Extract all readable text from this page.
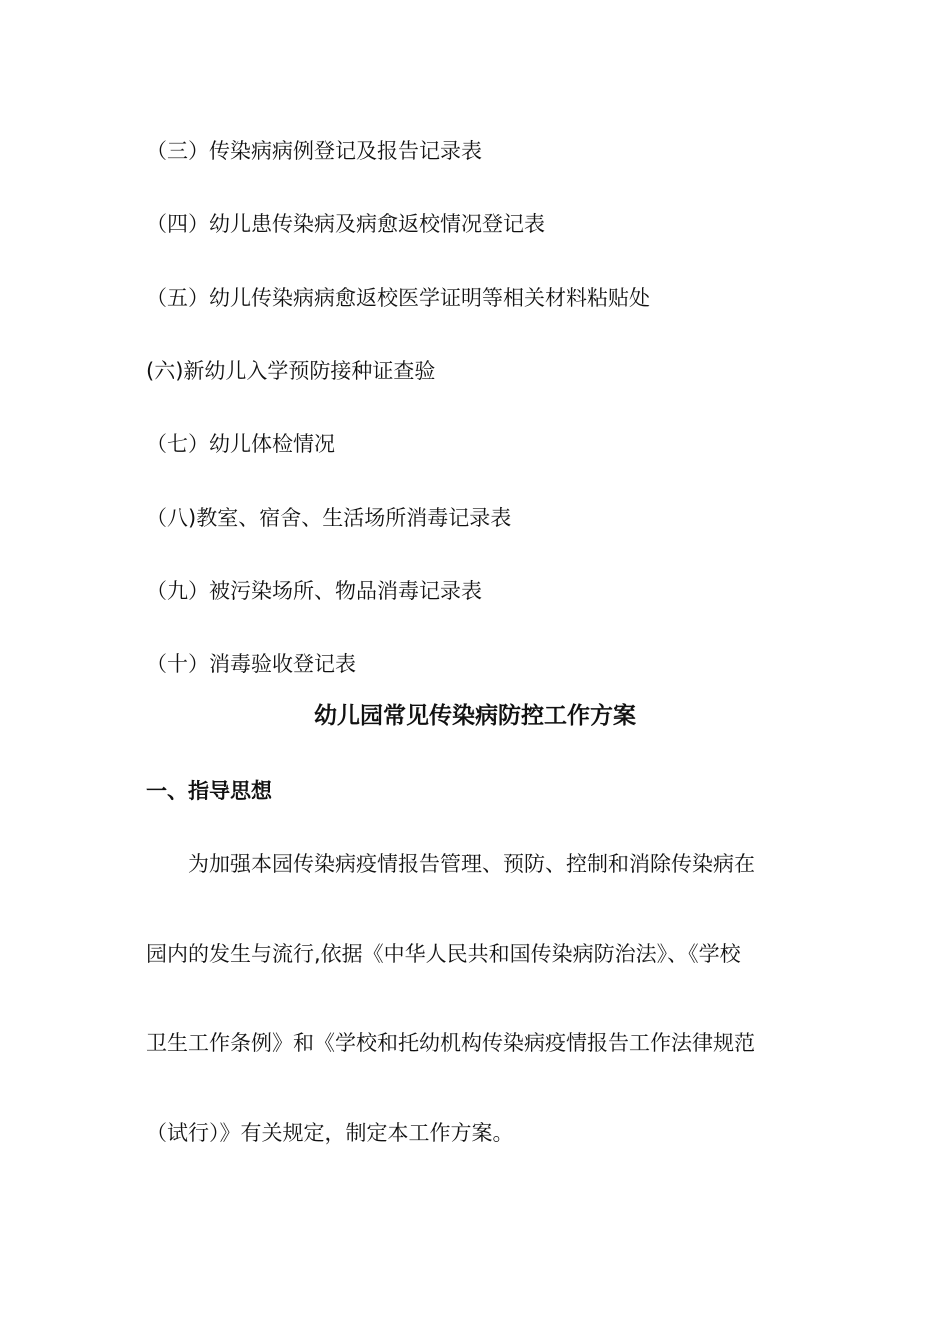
（三）传染病病例登记及报告记录表
（四）幼儿患传染病及病愈返校情况登记表
（五）幼儿传染病病愈返校医学证明等相关材料粘贴处
(六)新幼儿入学预防接种证查验
（七）幼儿体检情况
（八)教室、宿舍、生活场所消毒记录表
（九）被污染场所、物品消毒记录表
（十）消毒验收登记表
幼儿园常见传染病防控工作方案
一、指导思想
为加强本园传染病疫情报告管理、预防、控制和消除传染病在
园内的发生与流行,依据《中华人民共和国传染病防治法》、《学校
卫生工作条例》和《学校和托幼机构传染病疫情报告工作法律规范
（试行）》有关规定，制定本工作方案。
